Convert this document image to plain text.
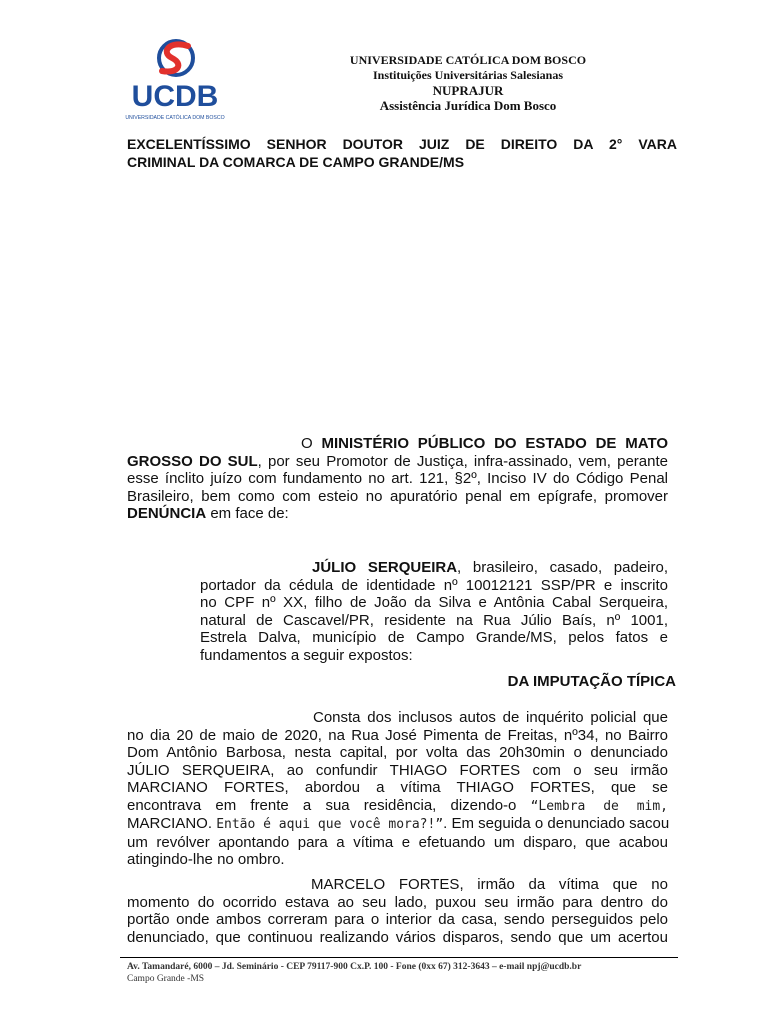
UCDB
UNIVERSIDADE CATÓLICA DOM BOSCO
UNIVERSIDADE CATÓLICA DOM BOSCO
Instituições Universitárias Salesianas
NUPRAJUR
Assistência Jurídica Dom Bosco
EXCELENTÍSSIMO SENHOR DOUTOR JUIZ DE DIREITO DA 2° VARA
CRIMINAL DA COMARCA DE CAMPO GRANDE/MS
O MINISTÉRIO PÚBLICO DO ESTADO DE MATO
GROSSO DO SUL, por seu Promotor de Justiça, infra-assinado, vem, perante
esse ínclito juízo com fundamento no art. 121, §2º, Inciso IV do Código Penal
Brasileiro, bem como com esteio no apuratório penal em epígrafe, promover
DENÚNCIA em face de:
JÚLIO SERQUEIRA, brasileiro, casado, padeiro,
portador da cédula de identidade nº 10012121 SSP/PR e inscrito
no CPF nº XX, filho de João da Silva e Antônia Cabal Serqueira,
natural de Cascavel/PR, residente na Rua Júlio Baís, nº 1001,
Estrela Dalva, município de Campo Grande/MS, pelos fatos e
fundamentos a seguir expostos:
DA IMPUTAÇÃO TÍPICA
Consta dos inclusos autos de inquérito policial que
no dia 20 de maio de 2020, na Rua José Pimenta de Freitas, nº34, no Bairro
Dom Antônio Barbosa, nesta capital, por volta das 20h30min o denunciado
JÚLIO SERQUEIRA, ao confundir THIAGO FORTES com o seu irmão
MARCIANO FORTES, abordou a vítima THIAGO FORTES, que se
encontrava em frente a sua residência, dizendo-o “Lembra de mim,
MARCIANO. Então é aqui que você mora?!”. Em seguida o denunciado sacou
um revólver apontando para a vítima e efetuando um disparo, que acabou
atingindo-lhe no ombro.
MARCELO FORTES, irmão da vítima que no
momento do ocorrido estava ao seu lado, puxou seu irmão para dentro do
portão onde ambos correram para o interior da casa, sendo perseguidos pelo
denunciado, que continuou realizando vários disparos, sendo que um acertou
Av. Tamandaré, 6000 – Jd. Seminário - CEP 79117-900 Cx.P. 100 - Fone (0xx 67) 312-3643 – e-mail npj@ucdb.br
Campo Grande -MS
